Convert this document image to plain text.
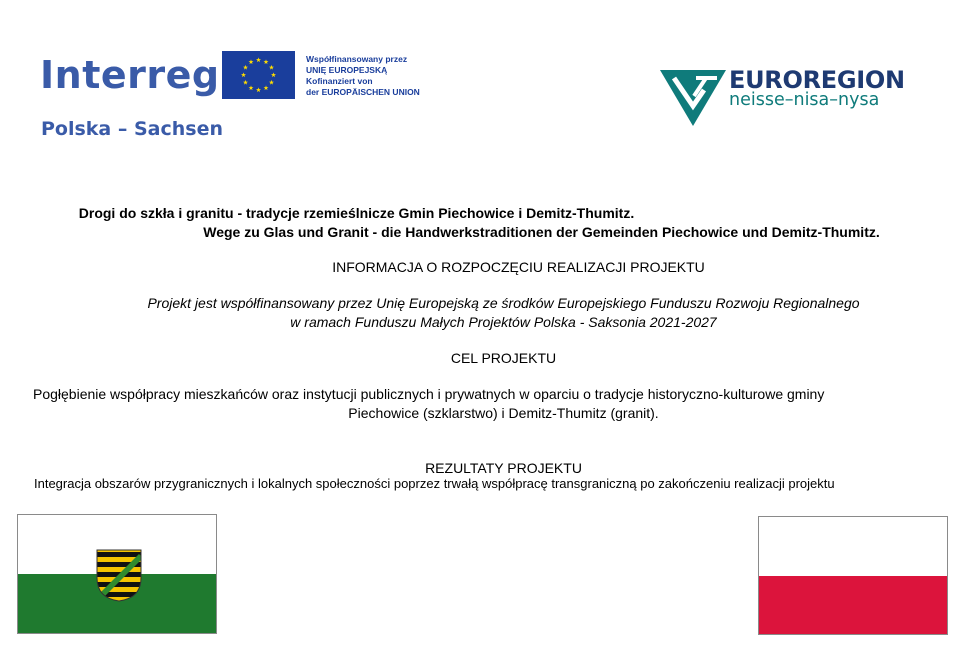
Interreg
Polska – Sachsen
Współfinansowany przez
UNIĘ EUROPEJSKĄ
Kofinanziert von
der EUROPÄISCHEN UNION	EUROREGION
neisse–nisa–nysa
Drogi do szkła i granitu - tradycje rzemieślnicze Gmin Piechowice i Demitz-Thumitz.
Wege zu Glas und Granit - die Handwerkstraditionen der Gemeinden Piechowice und Demitz-Thumitz.
INFORMACJA O ROZPOCZĘCIU REALIZACJI PROJEKTU
Projekt jest współfinansowany przez Unię Europejską ze środków Europejskiego Funduszu Rozwoju Regionalnego
w ramach Funduszu Małych Projektów Polska - Saksonia 2021-2027
CEL PROJEKTU
Pogłębienie współpracy mieszkańców oraz instytucji publicznych i prywatnych w oparciu o tradycje historyczno-kulturowe gminy
Piechowice (szklarstwo) i Demitz-Thumitz (granit).
REZULTATY PROJEKTU
Integracja obszarów przygranicznych i lokalnych społeczności poprzez trwałą współpracę transgraniczną po zakończeniu realizacji projektu
